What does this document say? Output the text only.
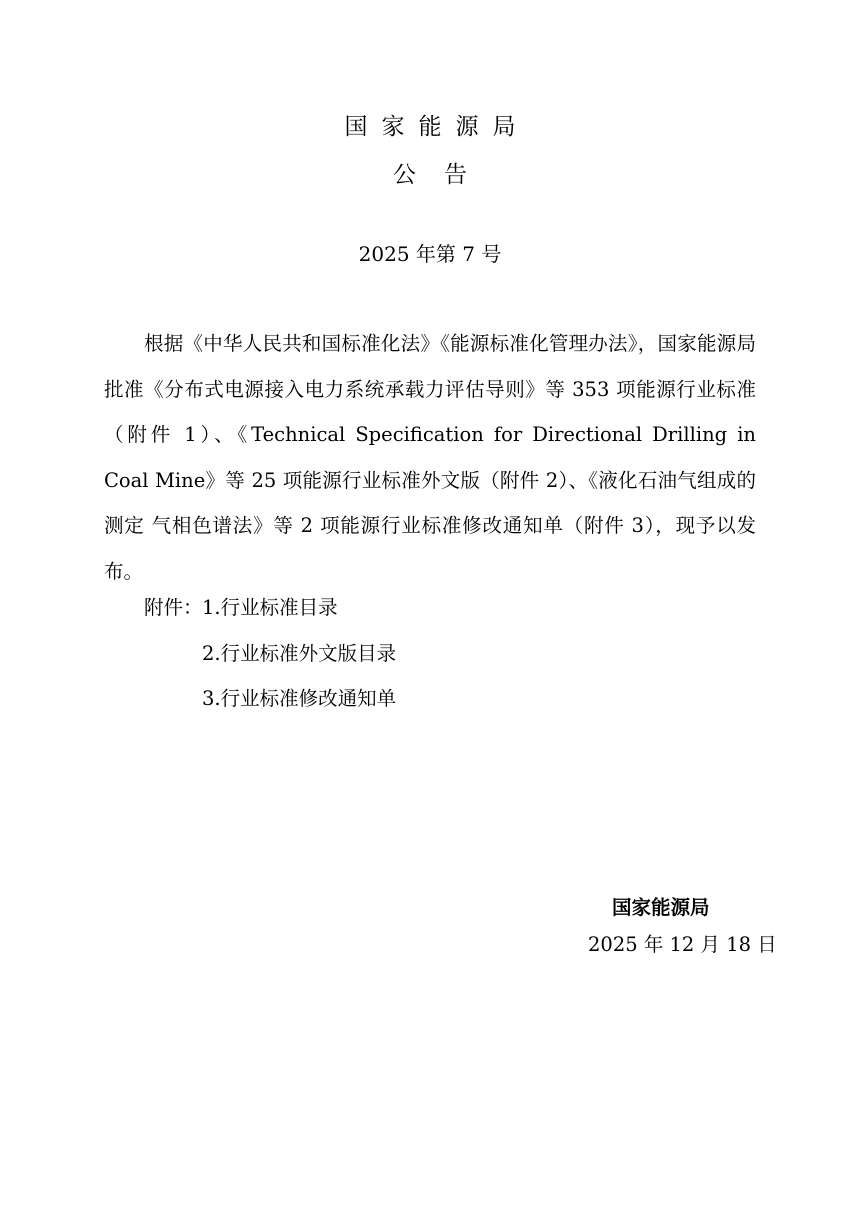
国家能源局
公告
2025 年第 7 号

根据《中华人民共和国标准化法》《能源标准化管理办法》，国家能源局批准《分布式电源接入电力系统承载力评估导则》等 353 项能源行业标准（附件 1）、《Technical Specification for Directional Drilling in Coal Mine》等 25 项能源行业标准外文版（附件 2）、《液化石油气组成的测定 气相色谱法》等 2 项能源行业标准修改通知单（附件 3），现予以发布。

附件： 1.行业标准目录
2.行业标准外文版目录
3.行业标准修改通知单
国家能源局
2025 年 12 月 18 日
